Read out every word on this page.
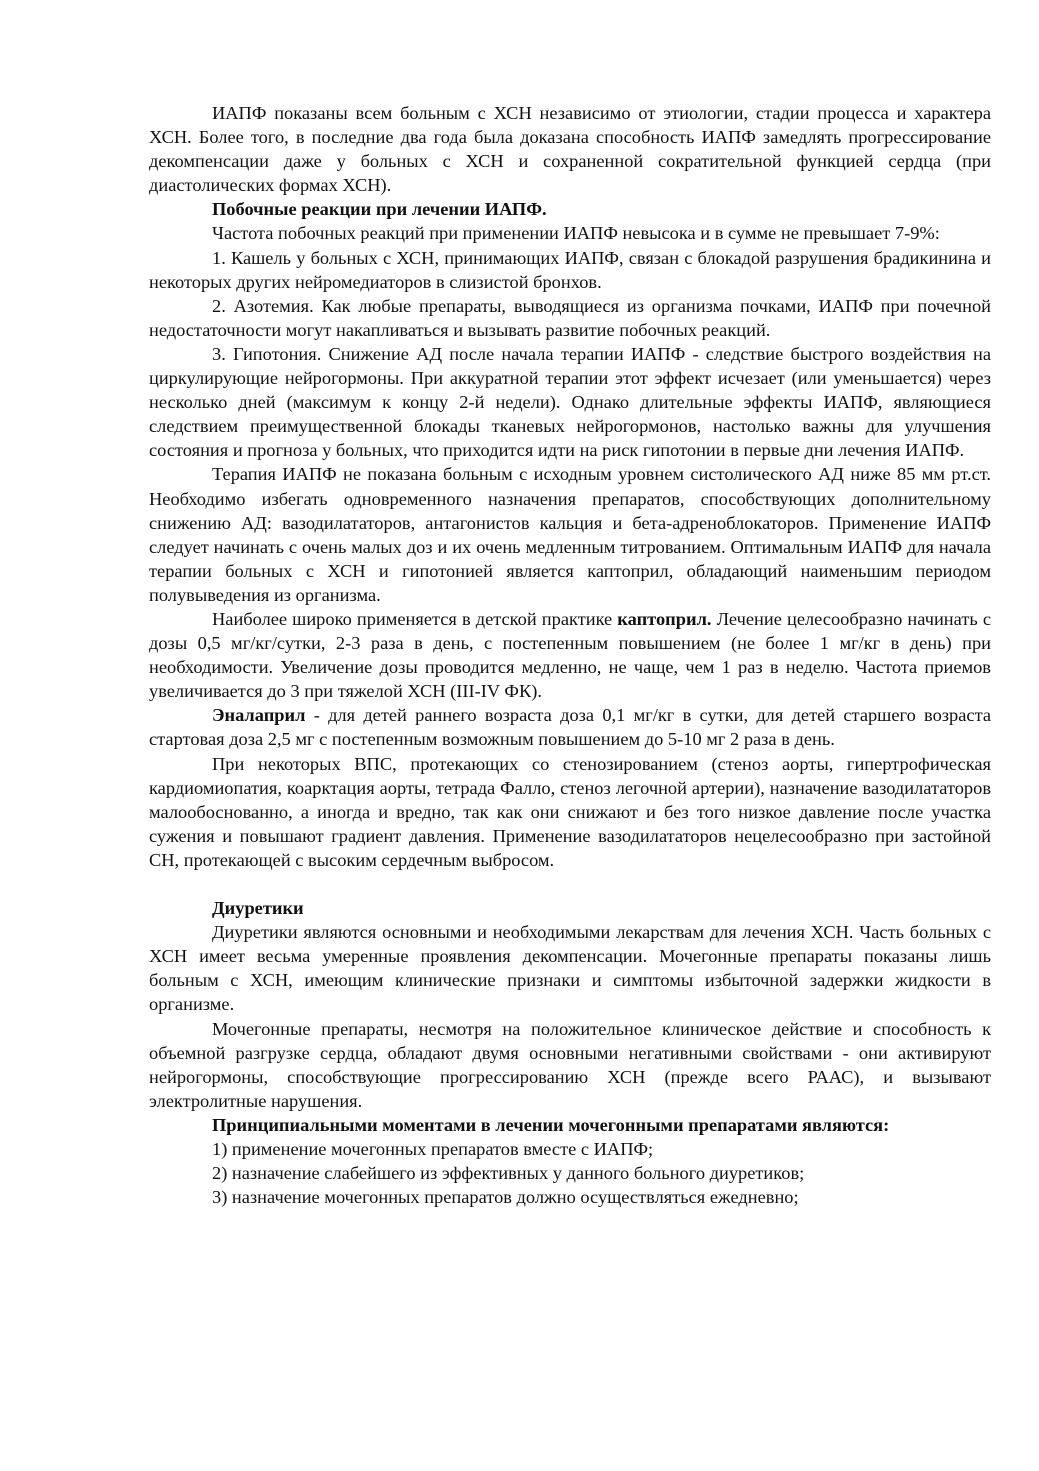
ИАПФ показаны всем больным с ХСН независимо от этиологии, стадии процесса и характера ХСН. Более того, в последние два года была доказана способность ИАПФ замедлять прогрессирование декомпенсации даже у больных с ХСН и сохраненной сократительной функцией сердца (при диастолических формах ХСН).

Побочные реакции при лечении ИАПФ.

Частота побочных реакций при применении ИАПФ невысока и в сумме не превышает 7-9%:

1. Кашель у больных с ХСН, принимающих ИАПФ, связан с блокадой разрушения брадикинина и некоторых других нейромедиаторов в слизистой бронхов.

2. Азотемия. Как любые препараты, выводящиеся из организма почками, ИАПФ при почечной недостаточности могут накапливаться и вызывать развитие побочных реакций.

3. Гипотония. Снижение АД после начала терапии ИАПФ - следствие быстрого воздействия на циркулирующие нейрогормоны. При аккуратной терапии этот эффект исчезает (или уменьшается) через несколько дней (максимум к концу 2-й недели). Однако длительные эффекты ИАПФ, являющиеся следствием преимущественной блокады тканевых нейрогормонов, настолько важны для улучшения состояния и прогноза у больных, что приходится идти на риск гипотонии в первые дни лечения ИАПФ.

Терапия ИАПФ не показана больным с исходным уровнем систолического АД ниже 85 мм рт.ст. Необходимо избегать одновременного назначения препаратов, способствующих дополнительному снижению АД: вазодилататоров, антагонистов кальция и бета-адреноблокаторов. Применение ИАПФ следует начинать с очень малых доз и их очень медленным титрованием. Оптимальным ИАПФ для начала терапии больных с ХСН и гипотонией является каптоприл, обладающий наименьшим периодом полувыведения из организма.

Наиболее широко применяется в детской практике каптоприл. Лечение целесообразно начинать с дозы 0,5 мг/кг/сутки, 2-3 раза в день, с постепенным повышением (не более 1 мг/кг в день) при необходимости. Увеличение дозы проводится медленно, не чаще, чем 1 раз в неделю. Частота приемов увеличивается до 3 при тяжелой ХСН (III-IV ФК).

Эналаприл - для детей раннего возраста доза 0,1 мг/кг в сутки, для детей старшего возраста стартовая доза 2,5 мг с постепенным возможным повышением до 5-10 мг 2 раза в день.

При некоторых ВПС, протекающих со стенозированием (стеноз аорты, гипертрофическая кардиомиопатия, коарктация аорты, тетрада Фалло, стеноз легочной артерии), назначение вазодилататоров малообоснованно, а иногда и вредно, так как они снижают и без того низкое давление после участка сужения и повышают градиент давления. Применение вазодилататоров нецелесообразно при застойной СН, протекающей с высоким сердечным выбросом.

Диуретики

Диуретики являются основными и необходимыми лекарствам для лечения ХСН. Часть больных с ХСН имеет весьма умеренные проявления декомпенсации. Мочегонные препараты показаны лишь больным с ХСН, имеющим клинические признаки и симптомы избыточной задержки жидкости в организме.

Мочегонные препараты, несмотря на положительное клиническое действие и способность к объемной разгрузке сердца, обладают двумя основными негативными свойствами - они активируют нейрогормоны, способствующие прогрессированию ХСН (прежде всего РААС), и вызывают электролитные нарушения.

Принципиальными моментами в лечении мочегонными препаратами являются:

1) применение мочегонных препаратов вместе с ИАПФ;

2) назначение слабейшего из эффективных у данного больного диуретиков;

3) назначение мочегонных препаратов должно осуществляться ежедневно;
